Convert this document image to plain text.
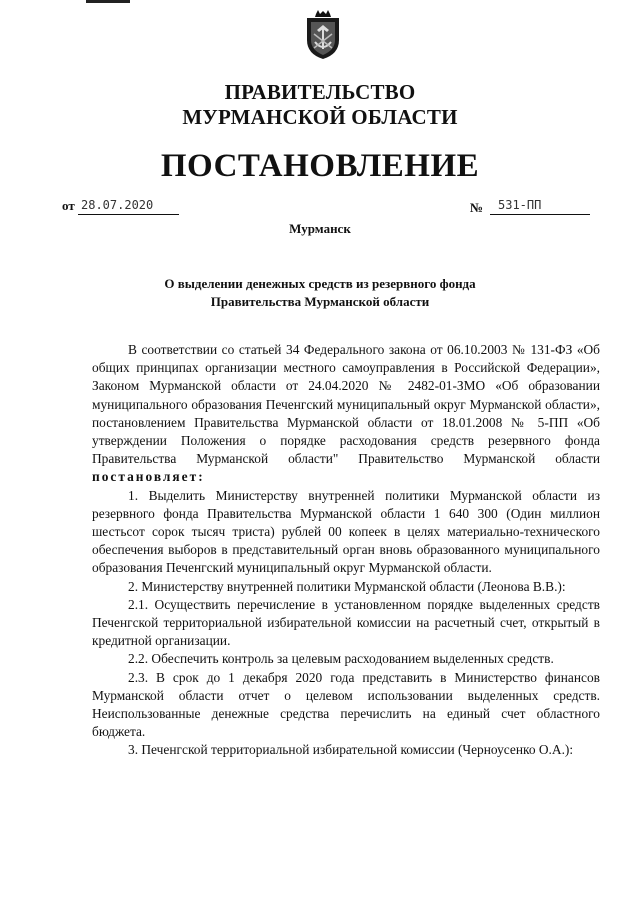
ПРАВИТЕЛЬСТВО
МУРМАНСКОЙ ОБЛАСТИ
ПОСТАНОВЛЕНИЕ
от 28.07.2020	№	531-ПП
Мурманск
О выделении денежных средств из резервного фонда
Правительства Мурманской области

В соответствии со статьей 34 Федерального закона от 06.10.2003 № 131-ФЗ «Об общих принципах организации местного самоуправления в Российской Федерации», Законом Мурманской области от 24.04.2020 № 2482-01-ЗМО «Об образовании муниципального образования Печенгский муниципальный округ Мурманской области», постановлением Правительства Мурманской области от 18.01.2008 № 5-ПП «Об утверждении Положения о порядке расходования средств резервного фонда Правительства Мурманской области" Правительство Мурманской области постановляет:

1. Выделить Министерству внутренней политики Мурманской области из резервного фонда Правительства Мурманской области 1 640 300 (Один миллион шестьсот сорок тысяч триста) рублей 00 копеек в целях материально-технического обеспечения выборов в представительный орган вновь образованного муниципального образования Печенгский муниципальный округ Мурманской области.

2. Министерству внутренней политики Мурманской области (Леонова В.В.):

2.1. Осуществить перечисление в установленном порядке выделенных средств Печенгской территориальной избирательной комиссии на расчетный счет, открытый в кредитной организации.

2.2. Обеспечить контроль за целевым расходованием выделенных средств.

2.3. В срок до 1 декабря 2020 года представить в Министерство финансов Мурманской области отчет о целевом использовании выделенных средств. Неиспользованные денежные средства перечислить на единый счет областного бюджета.

3. Печенгской территориальной избирательной комиссии (Черноусенко О.А.):
